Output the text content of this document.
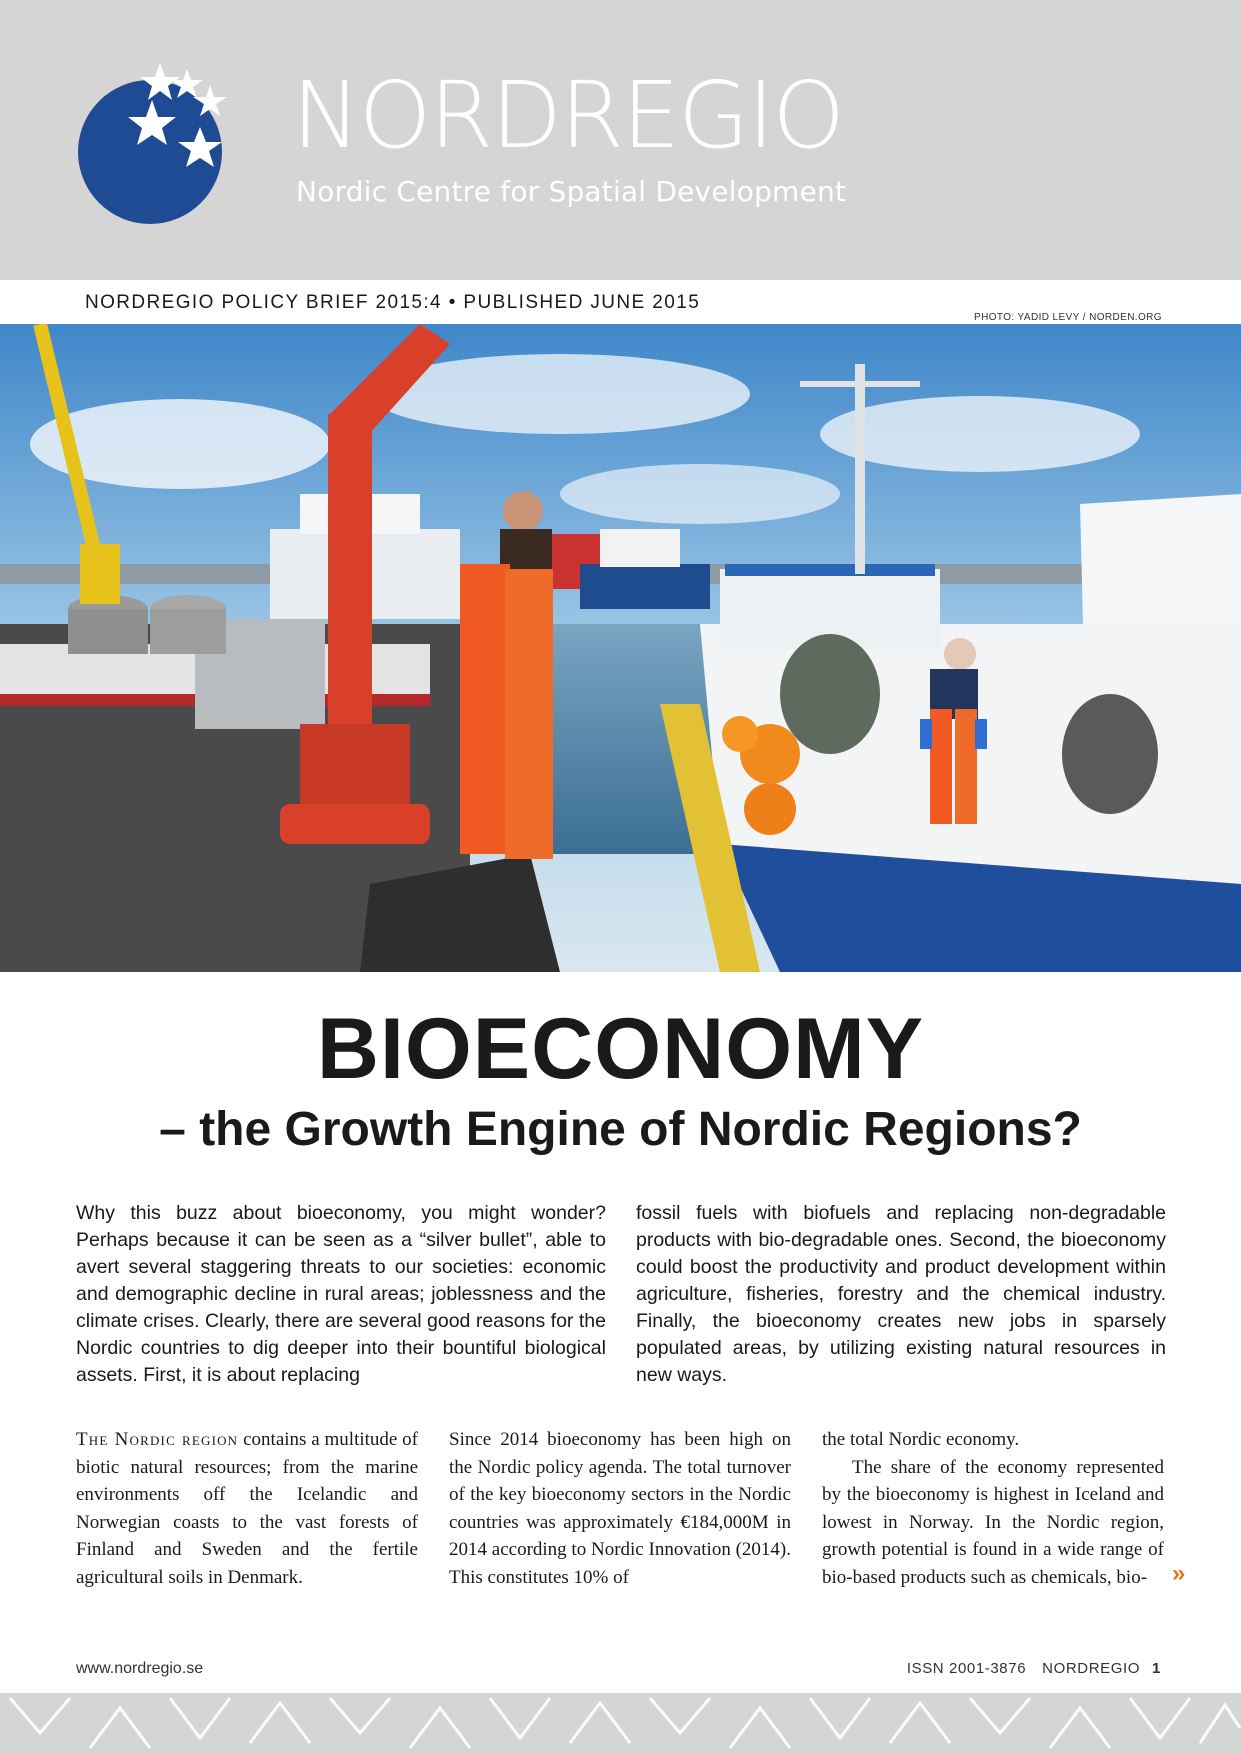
NORDREGIO
Nordic Centre for Spatial Development
NORDREGIO POLICY BRIEF 2015:4 • PUBLISHED JUNE 2015
PHOTO: YADID LEVY / NORDEN.ORG
BIOECONOMY
– the Growth Engine of Nordic Regions?
Why this buzz about bioeconomy, you might wonder? Perhaps because it can be seen as a “silver bullet”, able to avert several staggering threats to our societies: economic and demographic decline in rural areas; joblessness and the climate crises. Clearly, there are several good reasons for the Nordic countries to dig deeper into their bountiful biological assets. First, it is about replacing
fossil fuels with biofuels and replacing non-degradable products with bio-degradable ones. Second, the bioeconomy could boost the productivity and product development within agriculture, fisheries, forestry and the chemical industry. Finally, the bioeconomy creates new jobs in sparsely populated areas, by utilizing existing natural resources in new ways.

The Nordic region contains a multitude of biotic natural resources; from the marine environments off the Icelandic and Norwegian coasts to the vast forests of Finland and Sweden and the fertile agricultural soils in Denmark.

Since 2014 bioeconomy has been high on the Nordic policy agenda. The total turnover of the key bioeconomy sectors in the Nordic countries was approximately €184,000M in 2014 according to Nordic Innovation (2014). This constitutes 10% of

the total Nordic economy.

The share of the economy represented by the bioeconomy is highest in Iceland and lowest in Norway. In the Nordic region, growth potential is found in a wide range of bio-based products such as chemicals, bio-	»
www.nordregio.se	ISSN 2001-3876 NORDREGIO 1
